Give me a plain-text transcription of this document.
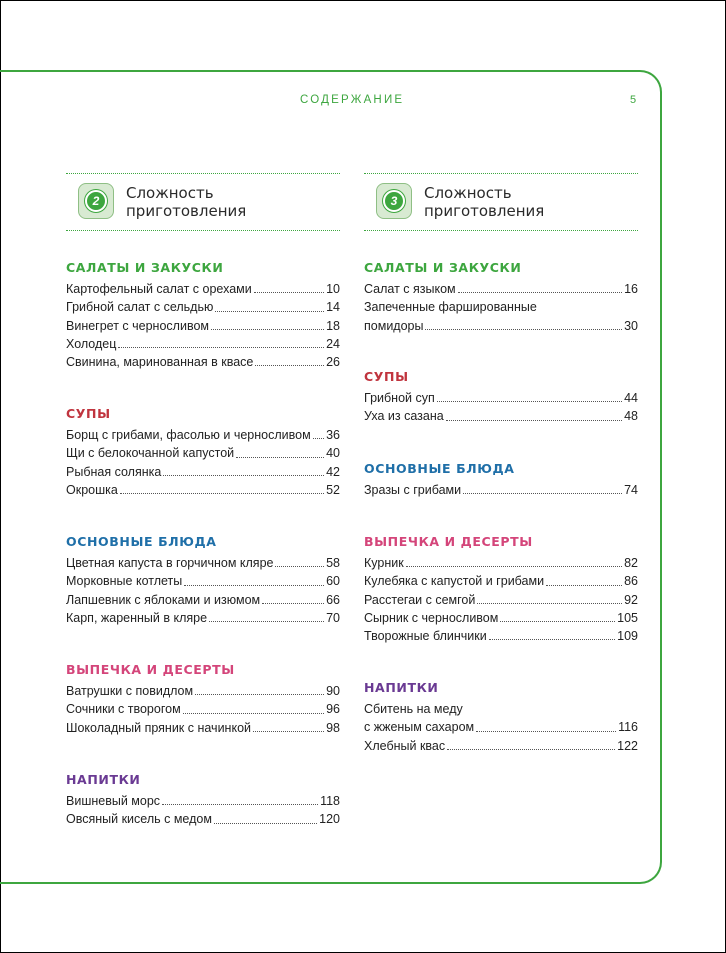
СОДЕРЖАНИЕ	5
2	Сложность
приготовления
САЛАТЫ И ЗАКУСКИ
Картофельный салат с орехами	10
Грибной салат с сельдью	14
Винегрет с черносливом	18
Холодец	24
Свинина, маринованная в квасе	26
СУПЫ
Борщ с грибами, фасолью и черносливом 36
Щи с белокочанной капустой	40
Рыбная солянка	42
Окрошка	52
ОСНОВНЫЕ БЛЮДА
Цветная капуста в горчичном кляре	58
Морковные котлеты	60
Лапшевник с яблоками и изюмом	66
Карп, жаренный в кляре	70
ВЫПЕЧКА И ДЕСЕРТЫ
Ватрушки с повидлом	90
Сочники с творогом	96
Шоколадный пряник с начинкой	98
НАПИТКИ
Вишневый морс	118
Овсяный кисель с медом	120
3	Сложность
приготовления
САЛАТЫ И ЗАКУСКИ
Салат с языком	16
Запеченные фаршированные
помидоры	30
СУПЫ
Грибной суп	44
Уха из сазана	48
ОСНОВНЫЕ БЛЮДА
Зразы с грибами	74
ВЫПЕЧКА И ДЕСЕРТЫ
Курник	82
Кулебяка с капустой и грибами	86
Расстегаи с семгой	92
Сырник с черносливом	105
Творожные блинчики	109
НАПИТКИ
Сбитень на меду
с жженым сахаром	116
Хлебный квас	122
